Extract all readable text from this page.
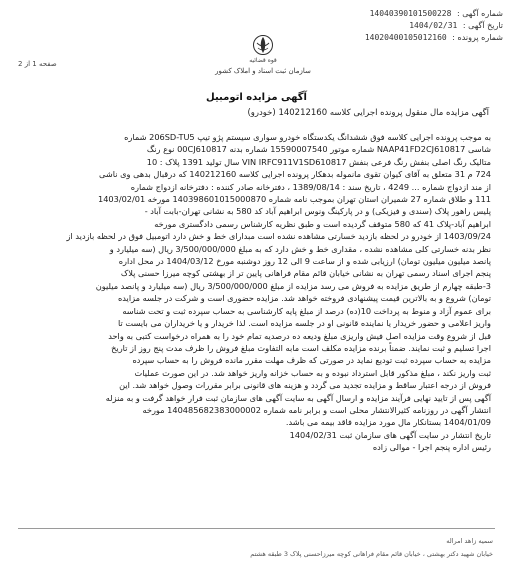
شماره آگهی : 14040390101500228
تاریخ آگهی : 1404/02/31
شماره پرونده : 14020400105012160
قوه قضائیه
سازمان ثبت اسناد و املاک کشور
صفحه 1 از 2
آگهی مزایده اتومبیل
آگهی مزایده مال منقول پرونده اجرایی کلاسه 140212160 (خودرو)
به موجب پرونده اجرایی کلاسه فوق ششدانگ یکدستگاه خودرو سواری سیستم پژو تیپ 206SD-TU5 شماره
شاسی NAAP41FD2CJ610817 شماره موتور 15590007540 شماره بدنه 00CJ610817 نوع رنگ
متالیک رنگ اصلی بنفش رنگ فرعی بنفش VIN IRFC911V1SD610817 سال تولید 1391 پلاک : 10
724 م 31 متعلق به آقای کیوان تقوی مانموله بدهکار پرونده اجرایی کلاسه 140212160 که درقبال بدهی وی ناشی
از مند ازدواج شماره ... 4249 ، تاریخ سند : 1389/08/14 ، دفترخانه صادر کننده : دفترخانه ازدواج شماره
111 و طلاق شماره 27 شمیران استان تهران بموجب نامه شماره 140398601015000870 مورخه 1403/02/01
پلیس راهور پلاک (سندی و فیزیکی) و در پارکینگ ونوس ابراهیم آباد کد 580 به نشانی تهران-بابت آباد -
ابراهیم آباد-پلاک 41 که 580 متوقف گردیده است و طبق نظریه کارشناس رسمی دادگستری مورخه
1403/09/24 از خودرو در لحظه بازدید خسارتی مشاهده نشده است مبدارای خط و خش دارد اتومبیل فوق در لحظه بازدید از
نظر بدنه خسارتی کلی مشاهده نشده ، مقداری خط و خش دارد که به مبلغ 3/500/000/000 ریال (سه میلیارد و
پانصد میلیون میلیون تومان) ارزیابی شده و از ساعت 9 الی 12 روز دوشنبه مورخ 1404/03/12 در محل اداره
پنجم اجرای اسناد رسمی تهران به نشانی خیابان قائم مقام فراهانی پایین تر از بهشتی کوچه میرزا حسنی پلاک
3-طبقه چهارم از طریق مزایده به فروش می رسد مزایده از مبلغ 3/500/000/000 ریال (سه میلیارد و پانصد میلیون
تومان) شروع و به بالاترین قیمت پیشنهادی فروخته خواهد شد. مزایده حضوری است و شرکت در جلسه مزایده
برای عموم آزاد و منوط به پرداخت 10(ده) درصد از مبلغ پایه کارشناسی به حساب سپرده ثبت و تحت شناسه
واریز اعلامی و حضور خریدار یا نماینده قانونی او در جلسه مزایده است. لذا خریدار و یا خریداران می بایست تا
قبل از شروع وقت مزایده اصل فیش واریزی مبلغ ودیعه ده درصدیه تمام خود را به همراه درخواست کتبی به واحد
اجرا تسلیم و ثبت نمایند. ضمناً برنده مزایده مکلف است مابه التفاوت مبلغ فروش را ظرف مدت پنج روز از تاریخ
مزایده به حساب سپرده ثبت تودیع نماید در صورتی که ظرف مهلت مقرر مانده فروش را به حساب سپرده
ثبت واریز نکند ، مبلغ مذکور قابل استرداد نبوده و به حساب خزانه واریز خواهد شد. در این صورت عملیات
فروش از درجه اعتبار ساقط و مزایده تجدید می گردد و هزینه های قانونی برابر مقررات وصول خواهد شد. این
آگهی پس از تایید نهایی فرآیند مزایده و ارسال آگهی به سایت آگهی های سازمان ثبت فرار خواهد گرفت و به منزله
انتشار آگهی در روزنامه کثیرالانتشار محلی است و برابر نامه شماره 140485682383000002 مورخه
1404/01/09 بستانکار مال مورد مزایده فاقد بیمه می باشد.
تاریخ انتشار در سایت آگهی های سازمان ثبت 1404/02/31
رئیس اداره پنجم اجرا - موالی زاده
سمیه زاهد امراله
خیابان شهید دکتر بهشتی ، خیابان قائم مقام فراهانی کوچه میرزاحسنی پلاک 3 طبقه هشتم
